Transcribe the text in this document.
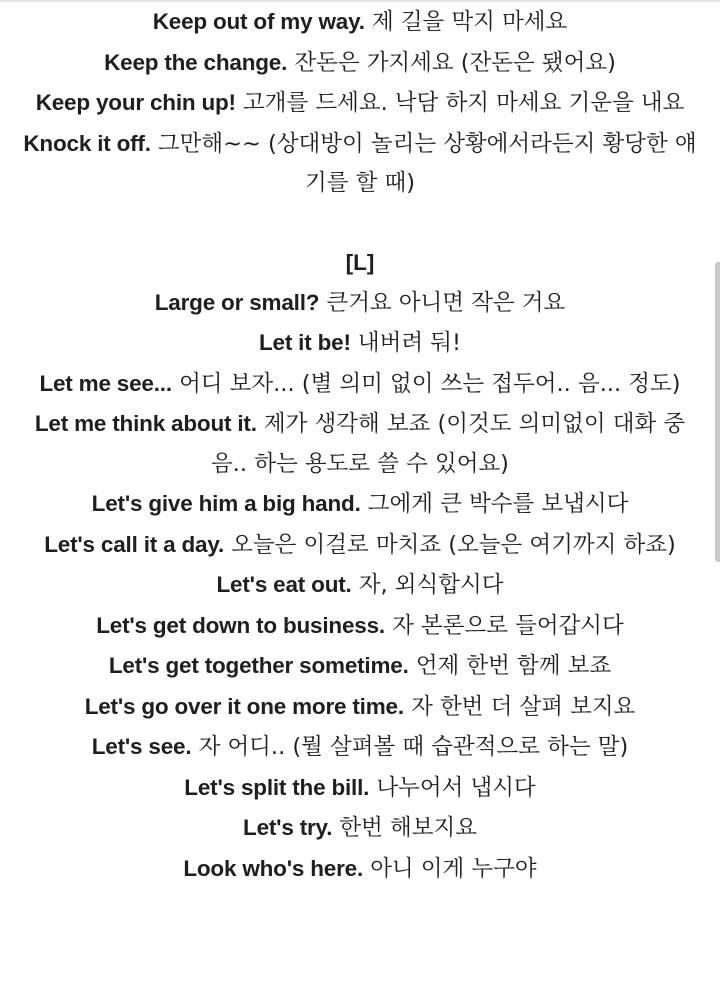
Keep out of my way. 제 길을 막지 마세요
Keep the change. 잔돈은 가지세요 (잔돈은 됐어요)
Keep your chin up! 고개를 드세요. 낙담 하지 마세요 기운을 내요
Knock it off. 그만해~~ (상대방이 놀리는 상황에서라든지 황당한 얘기를 할 때)
[L]
Large or small? 큰거요 아니면 작은 거요
Let it be! 내버려 둬!
Let me see... 어디 보자... (별 의미 없이 쓰는 접두어.. 음... 정도)
Let me think about it. 제가 생각해 보죠 (이것도 의미없이 대화 중 음.. 하는 용도로 쓸 수 있어요)
Let's give him a big hand. 그에게 큰 박수를 보냅시다
Let's call it a day. 오늘은 이걸로 마치죠 (오늘은 여기까지 하죠)
Let's eat out. 자, 외식합시다
Let's get down to business. 자 본론으로 들어갑시다
Let's get together sometime. 언제 한번 함께 보죠
Let's go over it one more time. 자 한번 더 살펴 보지요
Let's see. 자 어디.. (뭘 살펴볼 때 습관적으로 하는 말)
Let's split the bill. 나누어서 냅시다
Let's try. 한번 해보지요
Look who's here. 아니 이게 누구야
